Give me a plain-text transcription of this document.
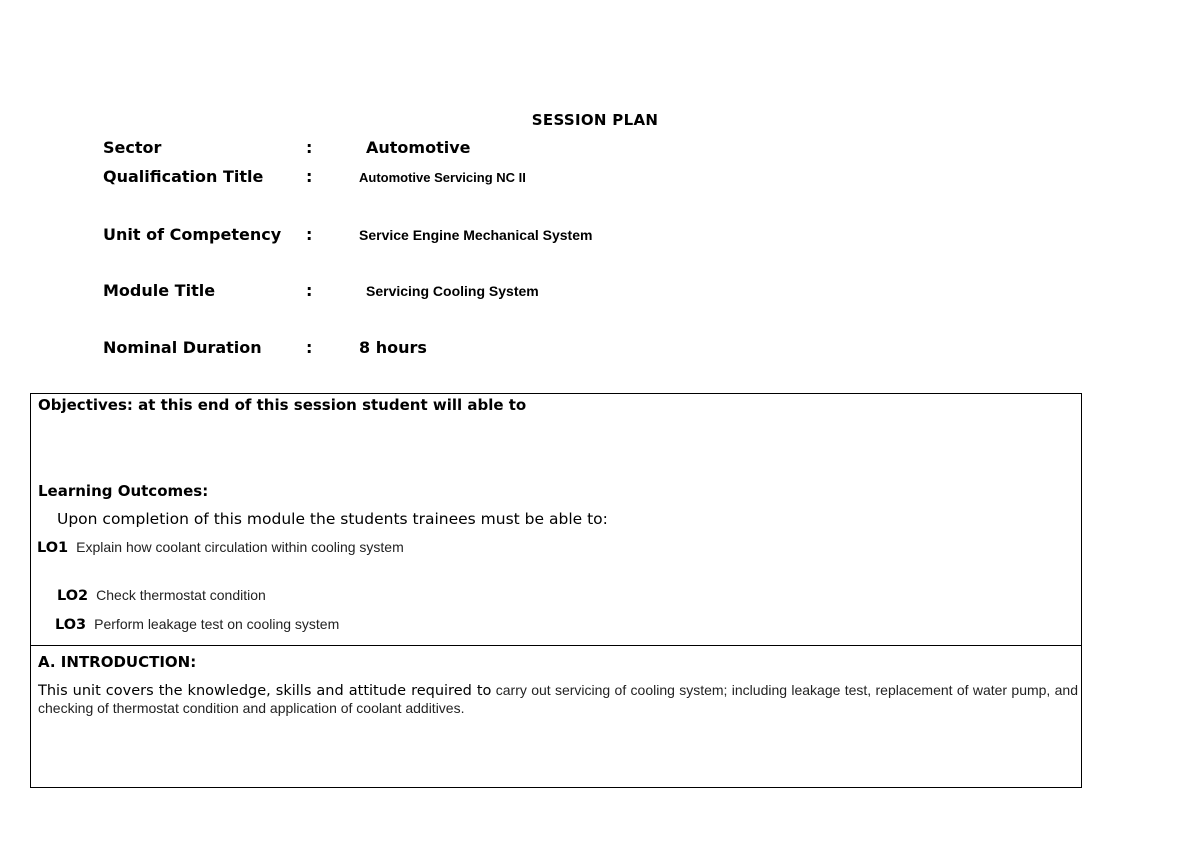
SESSION PLAN
Sector	:	Automotive
Qualification Title	:	Automotive Servicing NC II
Unit of Competency :	Service Engine Mechanical System
Module Title	:	Servicing Cooling System
Nominal Duration	:	8 hours
Objectives: at this end of this session student will able to
Learning Outcomes:
Upon completion of this module the students trainees must be able to:
LO1 Explain how coolant circulation within cooling system
LO2 Check thermostat condition
LO3 Perform leakage test on cooling system
A. INTRODUCTION:
This unit covers the knowledge, skills and attitude required to carry out servicing of cooling system; including leakage test, replacement of water pump, and checking of thermostat condition and application of coolant additives.
